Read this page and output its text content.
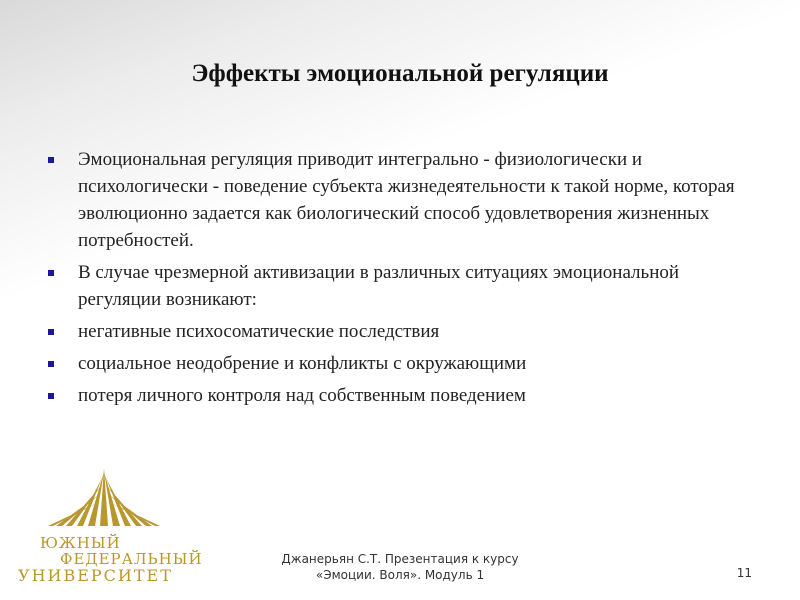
Эффекты эмоциональной регуляции
Эмоциональная регуляция приводит интегрально - физиологически и психологически - поведение субъекта жизнедеятельности к такой норме, которая эволюционно задается как биологический способ удовлетворения жизненных потребностей.
В случае чрезмерной активизации в различных ситуациях эмоциональной регуляции возникают:
негативные психосоматические последствия
социальное неодобрение и конфликты с окружающими
потеря личного контроля над собственным поведением
ЮЖНЫЙ
ФЕДЕРАЛЬНЫЙ
УНИВЕРСИТЕТ
Джанерьян С.Т. Презентация к курсу
«Эмоции. Воля». Модуль 1	11
